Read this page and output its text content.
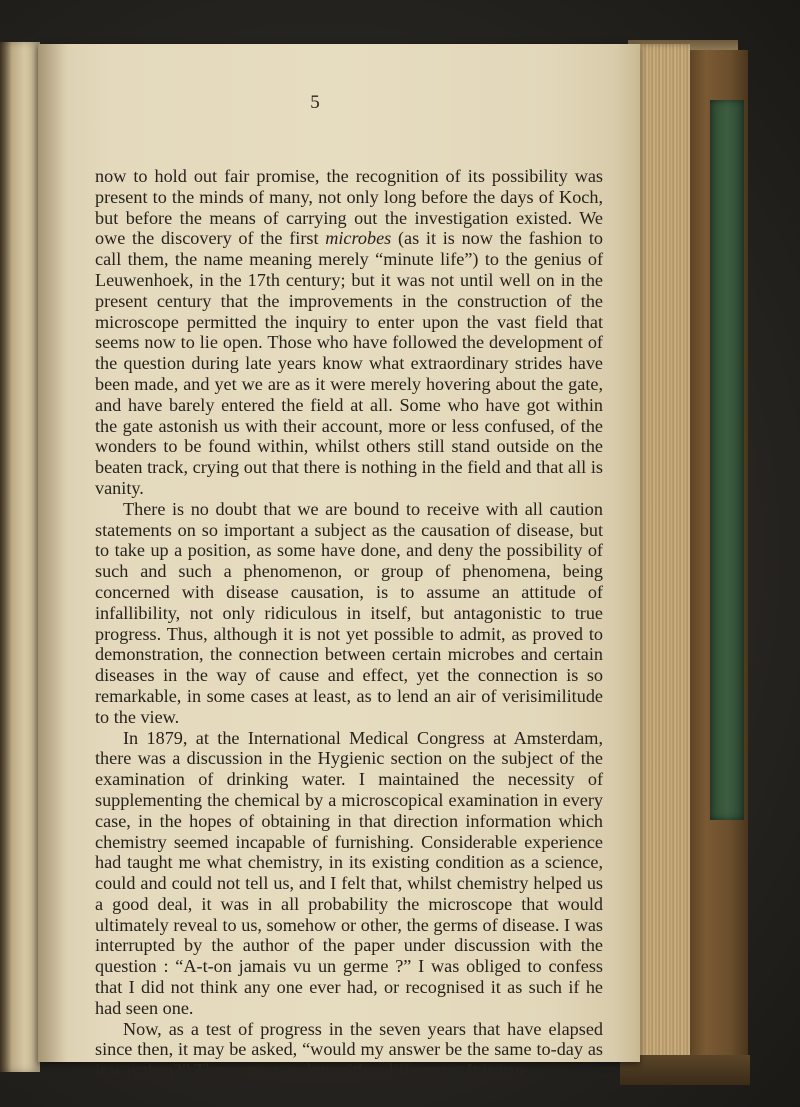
5

now to hold out fair promise, the recognition of its possibility was present to the minds of many, not only long before the days of Koch, but before the means of carrying out the investigation existed. We owe the discovery of the first microbes (as it is now the fashion to call them, the name meaning merely “minute life”) to the genius of Leuwenhoek, in the 17th century; but it was not until well on in the present century that the improvements in the construction of the microscope permitted the inquiry to enter upon the vast field that seems now to lie open. Those who have followed the development of the question during late years know what extraordinary strides have been made, and yet we are as it were merely hovering about the gate, and have barely entered the field at all. Some who have got within the gate astonish us with their account, more or less confused, of the wonders to be found within, whilst others still stand outside on the beaten track, crying out that there is nothing in the field and that all is vanity.

There is no doubt that we are bound to receive with all caution statements on so important a subject as the causation of disease, but to take up a position, as some have done, and deny the possibility of such and such a phenomenon, or group of phenomena, being concerned with disease causation, is to assume an attitude of infallibility, not only ridiculous in itself, but antagonistic to true progress. Thus, although it is not yet possible to admit, as proved to demonstration, the connection between certain microbes and certain diseases in the way of cause and effect, yet the connection is so remarkable, in some cases at least, as to lend an air of verisimilitude to the view.

In 1879, at the International Medical Congress at Amsterdam, there was a discussion in the Hygienic section on the subject of the examination of drinking water. I maintained the necessity of supplementing the chemical by a microscopical examination in every case, in the hopes of obtaining in that direction information which chemistry seemed incapable of furnishing. Considerable experience had taught me what chemistry, in its existing condition as a science, could and could not tell us, and I felt that, whilst chemistry helped us a good deal, it was in all probability the microscope that would ultimately reveal to us, somehow or other, the germs of disease. I was interrupted by the author of the paper under discussion with the question : “A-t-on jamais vu un germe ?” I was obliged to confess that I did not think any one ever had, or recognised it as such if he had seen one.

Now, as a test of progress in the seven years that have elapsed since then, it may be asked, “would my answer be the same to-day as it was then?” The same, yes, but with a difference. It is true
